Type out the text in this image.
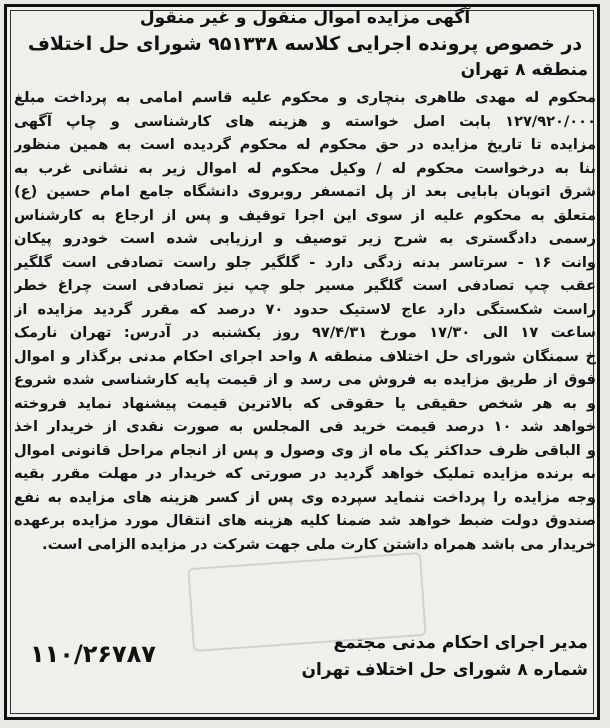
آگهی مزایده اموال منقول و غیر منقول
در خصوص پرونده اجرایی کلاسه ۹۵۱۳۳۸ شورای حل اختلاف
منطقه ۸ تهران
محکوم له مهدی طاهری بنچاری و محکوم علیه قاسم امامی به پرداخت مبلغ
۱۲۷/۹۲۰/۰۰۰ بابت اصل خواسته و هزینه های کارشناسی و چاپ آگهی
مزایده تا تاریخ مزایده در حق محکوم له محکوم گردیده است به همین منظور
بنا به درخواست محکوم له / وکیل محکوم له اموال زیر به نشانی غرب به
شرق اتوبان بابایی بعد از پل اتمسفر روبروی دانشگاه جامع امام حسین (ع)
متعلق به محکوم علیه از سوی این اجرا توقیف و پس از ارجاع به کارشناس
رسمی دادگستری به شرح زیر توصیف و ارزیابی شده است خودرو پیکان
وانت ۱۶ - سرتاسر بدنه زدگی دارد - گلگیر جلو راست تصادفی است گلگیر
عقب چپ تصادفی است گلگیر مسیر جلو چپ نیز تصادفی است چراغ خطر
راست شکستگی دارد عاج لاستیک حدود ۷۰ درصد که مقرر گردید مزایده از
ساعت ۱۷ الی ۱۷/۳۰ مورخ ۹۷/۴/۳۱ روز یکشنبه در آدرس: تهران نارمک
خ سمنگان شورای حل اختلاف منطقه ۸ واحد اجرای احکام مدنی برگذار و اموال
فوق از طریق مزایده به فروش می رسد و از قیمت پایه کارشناسی شده شروع
و به هر شخص حقیقی یا حقوقی که بالاترین قیمت پیشنهاد نماید فروخته
خواهد شد ۱۰ درصد قیمت خرید فی المجلس به صورت نقدی از خریدار اخذ
و الباقی ظرف حداکثر یک ماه از وی وصول و پس از انجام مراحل قانونی اموال
به برنده مزایده تملیک خواهد گردید در صورتی که خریدار در مهلت مقرر بقیه
وجه مزایده را پرداخت ننماید سپرده وی پس از کسر هزینه های مزایده به نفع
صندوق دولت ضبط خواهد شد ضمنا کلیه هزینه های انتقال مورد مزایده برعهده
خریدار می باشد همراه داشتن کارت ملی جهت شرکت در مزایده الزامی است.
مدیر اجرای احکام مدنی مجتمع
شماره ۸ شورای حل اختلاف تهران
۱۱۰/۲۶۷۸۷
